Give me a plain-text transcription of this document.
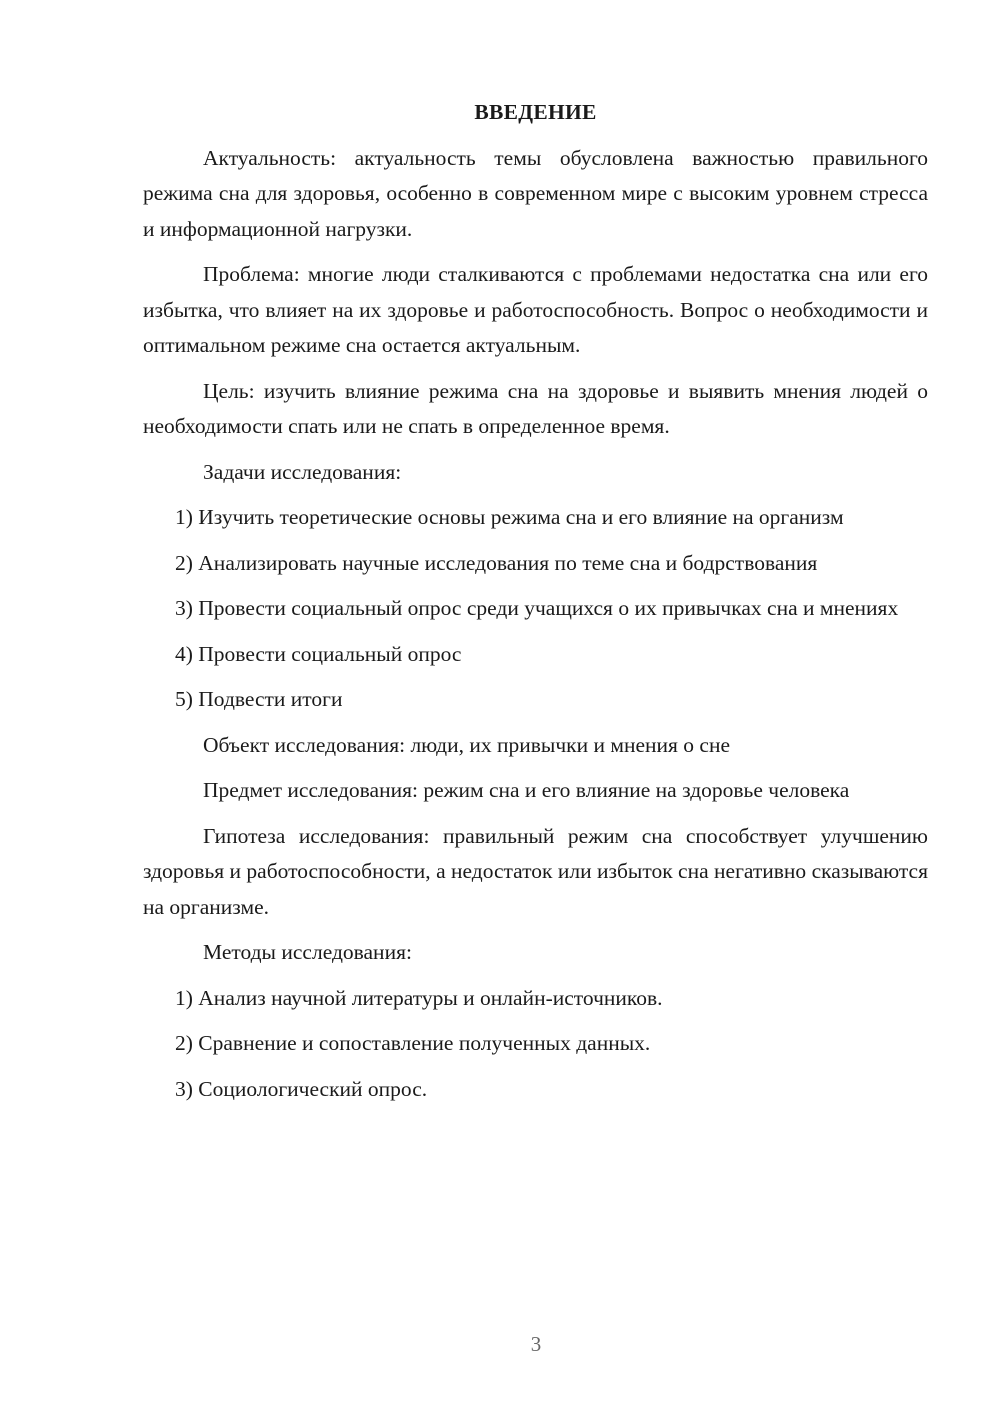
ВВЕДЕНИЕ
Актуальность: актуальность темы обусловлена важностью правильного режима сна для здоровья, особенно в современном мире с высоким уровнем стресса и информационной нагрузки.
Проблема: многие люди сталкиваются с проблемами недостатка сна или его избытка, что влияет на их здоровье и работоспособность. Вопрос о необходимости и оптимальном режиме сна остается актуальным.
Цель: изучить влияние режима сна на здоровье и выявить мнения людей о необходимости спать или не спать в определенное время.
Задачи исследования:
1) Изучить теоретические основы режима сна и его влияние на организм
2) Анализировать научные исследования по теме сна и бодрствования
3) Провести социальный опрос среди учащихся о их привычках сна и мнениях
4) Провести социальный опрос
5) Подвести итоги
Объект исследования: люди, их привычки и мнения о сне
Предмет исследования: режим сна и его влияние на здоровье человека
Гипотеза исследования: правильный режим сна способствует улучшению здоровья и работоспособности, а недостаток или избыток сна негативно сказываются на организме.
Методы исследования:
1) Анализ научной литературы и онлайн-источников.
2) Сравнение и сопоставление полученных данных.
3) Социологический опрос.
3
